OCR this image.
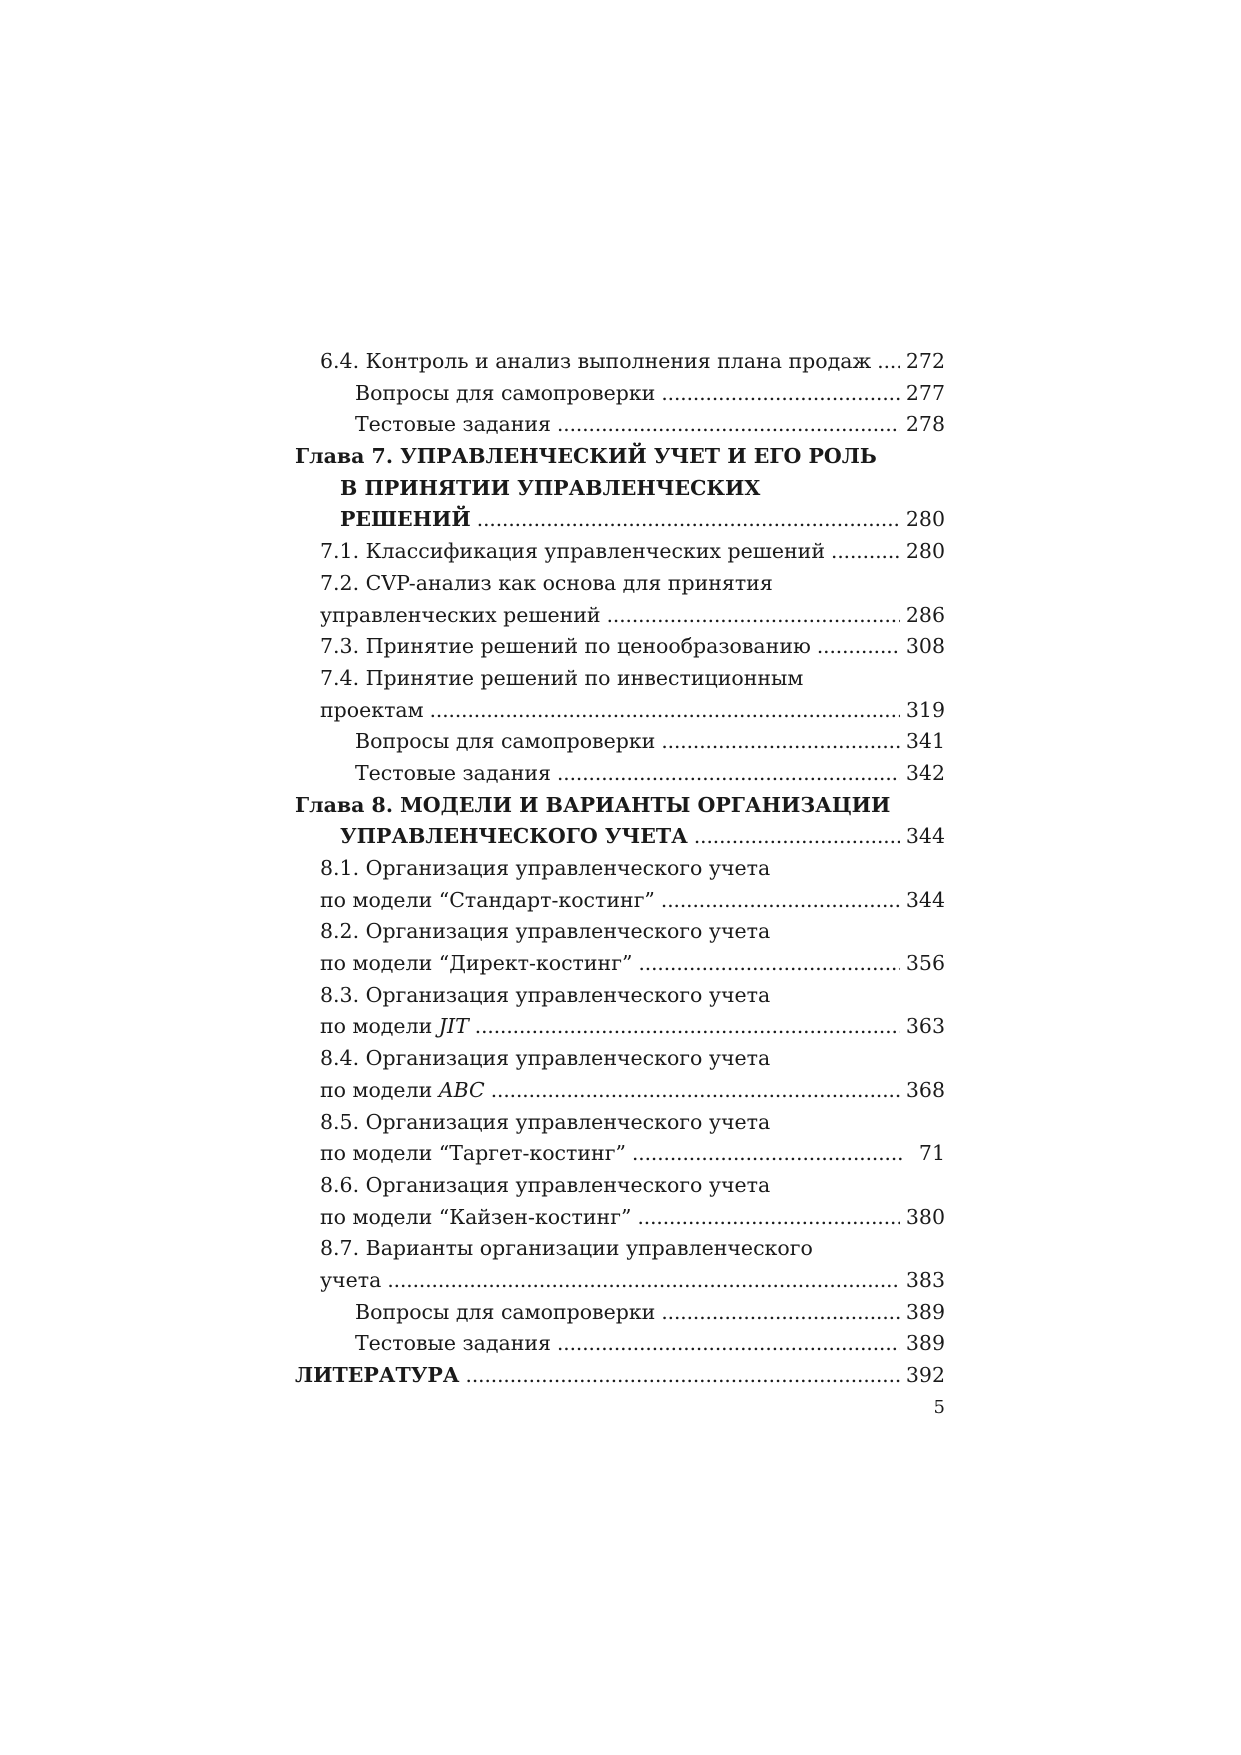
6.4. Контроль и анализ выполнения плана продаж . . . 272
Вопросы для самопроверки . . .	277
Тестовые задания . . .	278
Глава 7. УПРАВЛЕНЧЕСКИЙ УЧЕТ И ЕГО РОЛЬ
В ПРИНЯТИИ УПРАВЛЕНЧЕСКИХ
РЕШЕНИЙ . . .	280
7.1. Классификация управленческих решений . . .	280
7.2. CVP-анализ как основа для принятия
управленческих решений . . .	286
7.3. Принятие решений по ценообразованию . . .	308
7.4. Принятие решений по инвестиционным
проектам . . .	319
Вопросы для самопроверки . . .	341
Тестовые задания . . .	342
Глава 8. МОДЕЛИ И ВАРИАНТЫ ОРГАНИЗАЦИИ
УПРАВЛЕНЧЕСКОГО УЧЕТА . . .	344
8.1. Организация управленческого учета
по модели “Стандарт-костинг” . . .	344
8.2. Организация управленческого учета
по модели “Директ-костинг” . . .	356
8.3. Организация управленческого учета
по модели JIT . . .	363
8.4. Организация управленческого учета
по модели ABC . . .	368
8.5. Организация управленческого учета
по модели “Таргет-костинг” . . .	71
8.6. Организация управленческого учета
по модели “Кайзен-костинг” . . .	380
8.7. Варианты организации управленческого
учета . . .	383
Вопросы для самопроверки . . .	389
Тестовые задания . . .	389
ЛИТЕРАТУРА . . .	392
5
